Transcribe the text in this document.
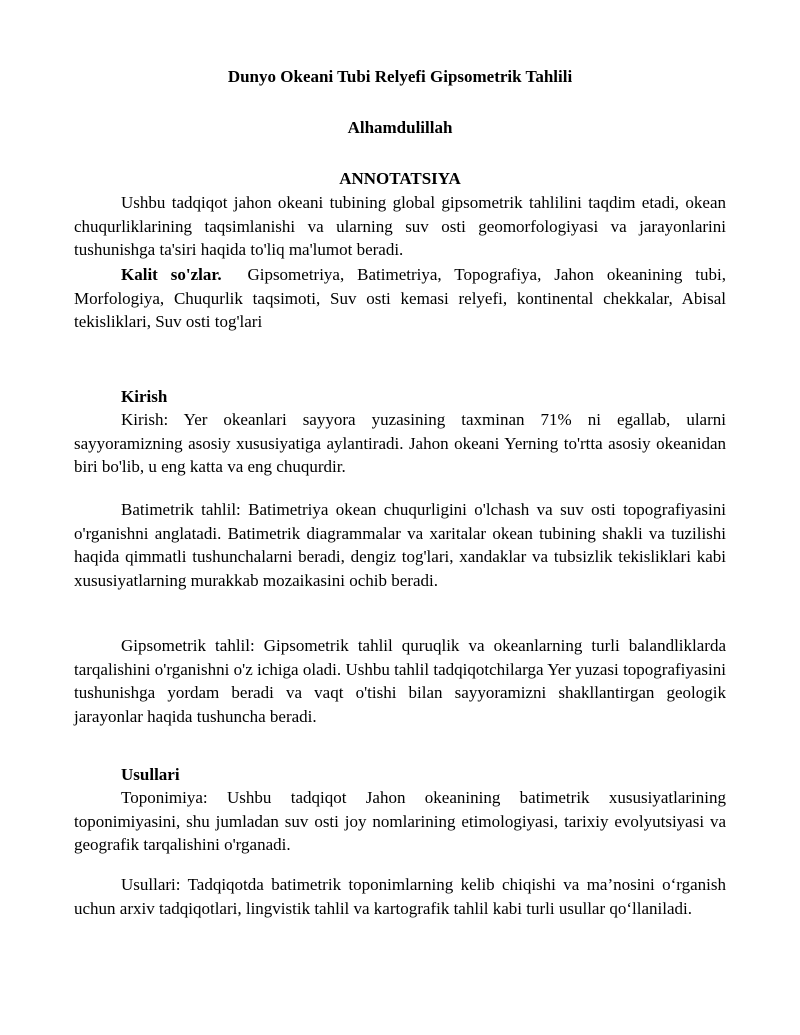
Dunyo Okeani Tubi Relyefi Gipsometrik Tahlili
Alhamdulillah
ANNOTATSIYA

Ushbu tadqiqot jahon okeani tubining global gipsometrik tahlilini taqdim etadi, okean chuqurliklarining taqsimlanishi va ularning suv osti geomorfologiyasi va jarayonlarini tushunishga ta'siri haqida to'liq ma'lumot beradi.

Kalit so'zlar. Gipsometriya, Batimetriya, Topografiya, Jahon okeanining tubi, Morfologiya, Chuqurlik taqsimoti, Suv osti kemasi relyefi, kontinental chekkalar, Abisal tekisliklari, Suv osti tog'lari

Kirish

Kirish: Yer okeanlari sayyora yuzasining taxminan 71% ni egallab, ularni sayyoramizning asosiy xususiyatiga aylantiradi. Jahon okeani Yerning to'rtta asosiy okeanidan biri bo'lib, u eng katta va eng chuqurdir.

Batimetrik tahlil: Batimetriya okean chuqurligini o'lchash va suv osti topografiyasini o'rganishni anglatadi. Batimetrik diagrammalar va xaritalar okean tubining shakli va tuzilishi haqida qimmatli tushunchalarni beradi, dengiz tog'lari, xandaklar va tubsizlik tekisliklari kabi xususiyatlarning murakkab mozaikasini ochib beradi.

Gipsometrik tahlil: Gipsometrik tahlil quruqlik va okeanlarning turli balandliklarda tarqalishini o'rganishni o'z ichiga oladi. Ushbu tahlil tadqiqotchilarga Yer yuzasi topografiyasini tushunishga yordam beradi va vaqt o'tishi bilan sayyoramizni shakllantirgan geologik jarayonlar haqida tushuncha beradi.

Usullari

Toponimiya: Ushbu tadqiqot Jahon okeanining batimetrik xususiyatlarining toponimiyasini, shu jumladan suv osti joy nomlarining etimologiyasi, tarixiy evolyutsiyasi va geografik tarqalishini o'rganadi.

Usullari: Tadqiqotda batimetrik toponimlarning kelib chiqishi va ma’nosini o‘rganish uchun arxiv tadqiqotlari, lingvistik tahlil va kartografik tahlil kabi turli usullar qo‘llaniladi.
